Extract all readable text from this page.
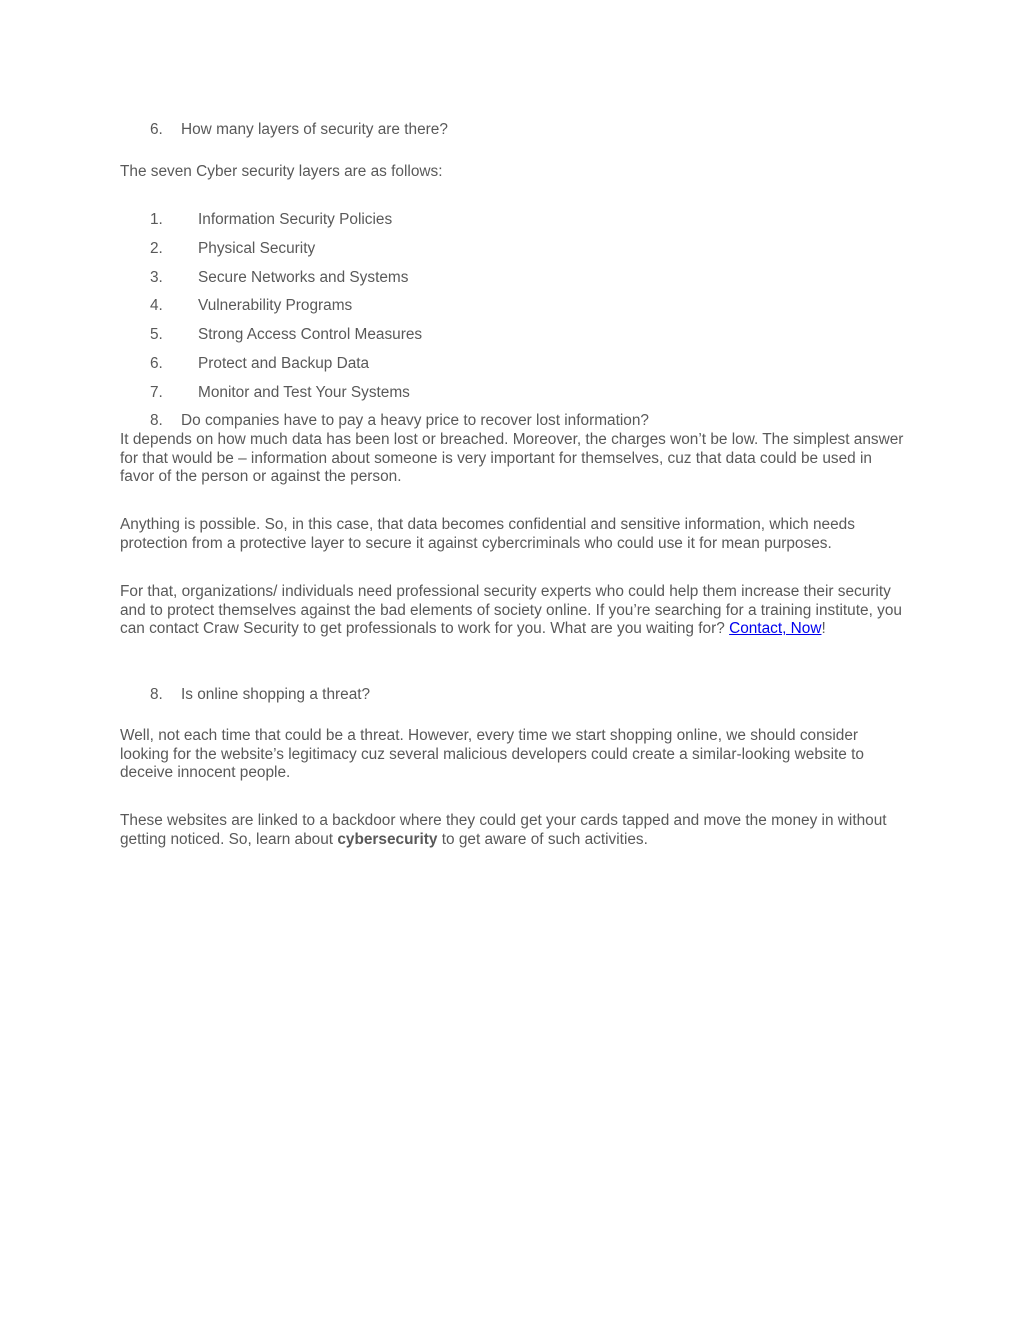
6. How many layers of security are there?

The seven Cyber security layers are as follows:

1. Information Security Policies
2. Physical Security
3. Secure Networks and Systems
4. Vulnerability Programs
5. Strong Access Control Measures
6. Protect and Backup Data
7. Monitor and Test Your Systems
8. Do companies have to pay a heavy price to recover lost information?

It depends on how much data has been lost or breached. Moreover, the charges won’t be low. The simplest answer for that would be – information about someone is very important for themselves, cuz that data could be used in favor of the person or against the person.

Anything is possible. So, in this case, that data becomes confidential and sensitive information, which needs protection from a protective layer to secure it against cybercriminals who could use it for mean purposes.

For that, organizations/ individuals need professional security experts who could help them increase their security and to protect themselves against the bad elements of society online. If you’re searching for a training institute, you can contact Craw Security to get professionals to work for you. What are you waiting for? Contact, Now!

8. Is online shopping a threat?

Well, not each time that could be a threat. However, every time we start shopping online, we should consider looking for the website’s legitimacy cuz several malicious developers could create a similar-looking website to deceive innocent people.

These websites are linked to a backdoor where they could get your cards tapped and move the money in without getting noticed. So, learn about cybersecurity to get aware of such activities.
